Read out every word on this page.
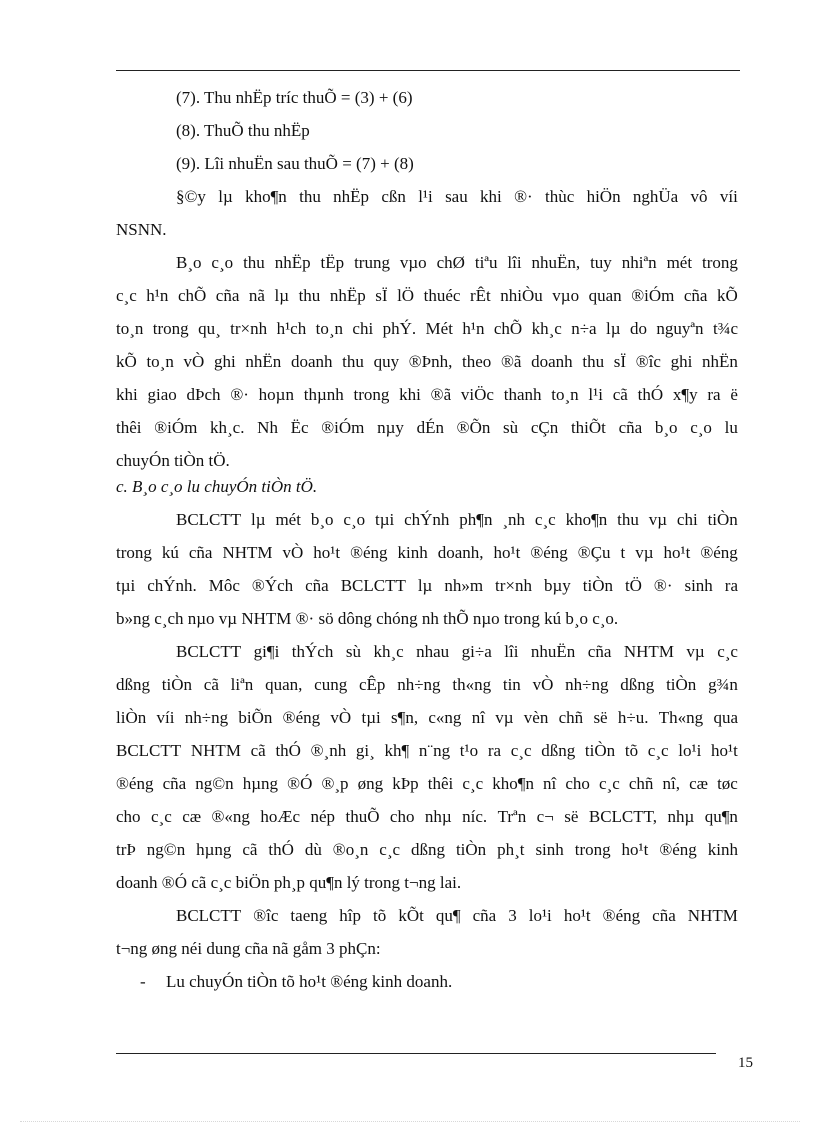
(7). Thu nhËp tríc thuÕ = (3) + (6)
(8). ThuÕ thu nhËp
(9). Lîi nhuËn sau thuÕ = (7) + (8)
§©y lµ kho¶n thu nhËp cßn l¹i sau khi ®· thùc hiÖn nghÜa vô víi
NSNN.
B¸o c¸o thu nhËp tËp trung vµo chØ tiªu lîi nhuËn, tuy nhiªn mét trong
c¸c h¹n chÕ cña nã lµ thu nhËp sÏ lÖ thuéc rÊt nhiÒu vµo quan ®iÓm cña kÕ
to¸n trong qu¸ tr×nh h¹ch to¸n chi phÝ. Mét h¹n chÕ kh¸c n÷a lµ do nguyªn t¾c
kÕ to¸n vÒ ghi nhËn doanh thu quy ®Þnh, theo ®ã doanh thu sÏ ®îc ghi nhËn
khi giao dÞch ®· hoµn thµnh trong khi ®ã viÖc thanh to¸n l¹i cã thÓ x¶y ra ë
thêi ®iÓm kh¸c. Nh Ëc ®iÓm nµy dÉn ®Õn sù cÇn thiÕt cña b¸o c¸o lu
chuyÓn tiÒn tÖ.
c. B¸o c¸o lu chuyÓn tiÒn tÖ.
BCLCTT lµ mét b¸o c¸o tµi chÝnh ph¶n ¸nh c¸c kho¶n thu vµ chi tiÒn
trong kú cña NHTM vÒ ho¹t ®éng kinh doanh, ho¹t ®éng ®Çu t vµ ho¹t ®éng
tµi chÝnh. Môc ®Ých cña BCLCTT lµ nh»m tr×nh bµy tiÒn tÖ ®· sinh ra
b»ng c¸ch nµo vµ NHTM ®· sö dông chóng nh thÕ nµo trong kú b¸o c¸o.
BCLCTT gi¶i thÝch sù kh¸c nhau gi÷a lîi nhuËn cña NHTM vµ c¸c
dßng tiÒn cã liªn quan, cung cÊp nh÷ng th«ng tin vÒ nh÷ng dßng tiÒn g¾n
liÒn víi nh÷ng biÕn ®éng vÒ tµi s¶n, c«ng nî vµ vèn chñ së h÷u. Th«ng qua
BCLCTT NHTM cã thÓ ®¸nh gi¸ kh¶ n¨ng t¹o ra c¸c dßng tiÒn tõ c¸c lo¹i ho¹t
®éng cña ng©n hµng ®Ó ®¸p øng kÞp thêi c¸c kho¶n nî cho c¸c chñ nî, cæ tøc
cho c¸c cæ ®«ng hoÆc nép thuÕ cho nhµ níc. Trªn c¬ së BCLCTT, nhµ qu¶n
trÞ ng©n hµng cã thÓ dù ®o¸n c¸c dßng tiÒn ph¸t sinh trong ho¹t ®éng kinh
doanh ®Ó cã c¸c biÖn ph¸p qu¶n lý trong t¬ng lai.
BCLCTT ®îc taeng hîp tõ kÕt qu¶ cña 3 lo¹i ho¹t ®éng cña NHTM
t¬ng øng néi dung cña nã gåm 3 phÇn:
- Lu chuyÓn tiÒn tõ ho¹t ®éng kinh doanh.
15
